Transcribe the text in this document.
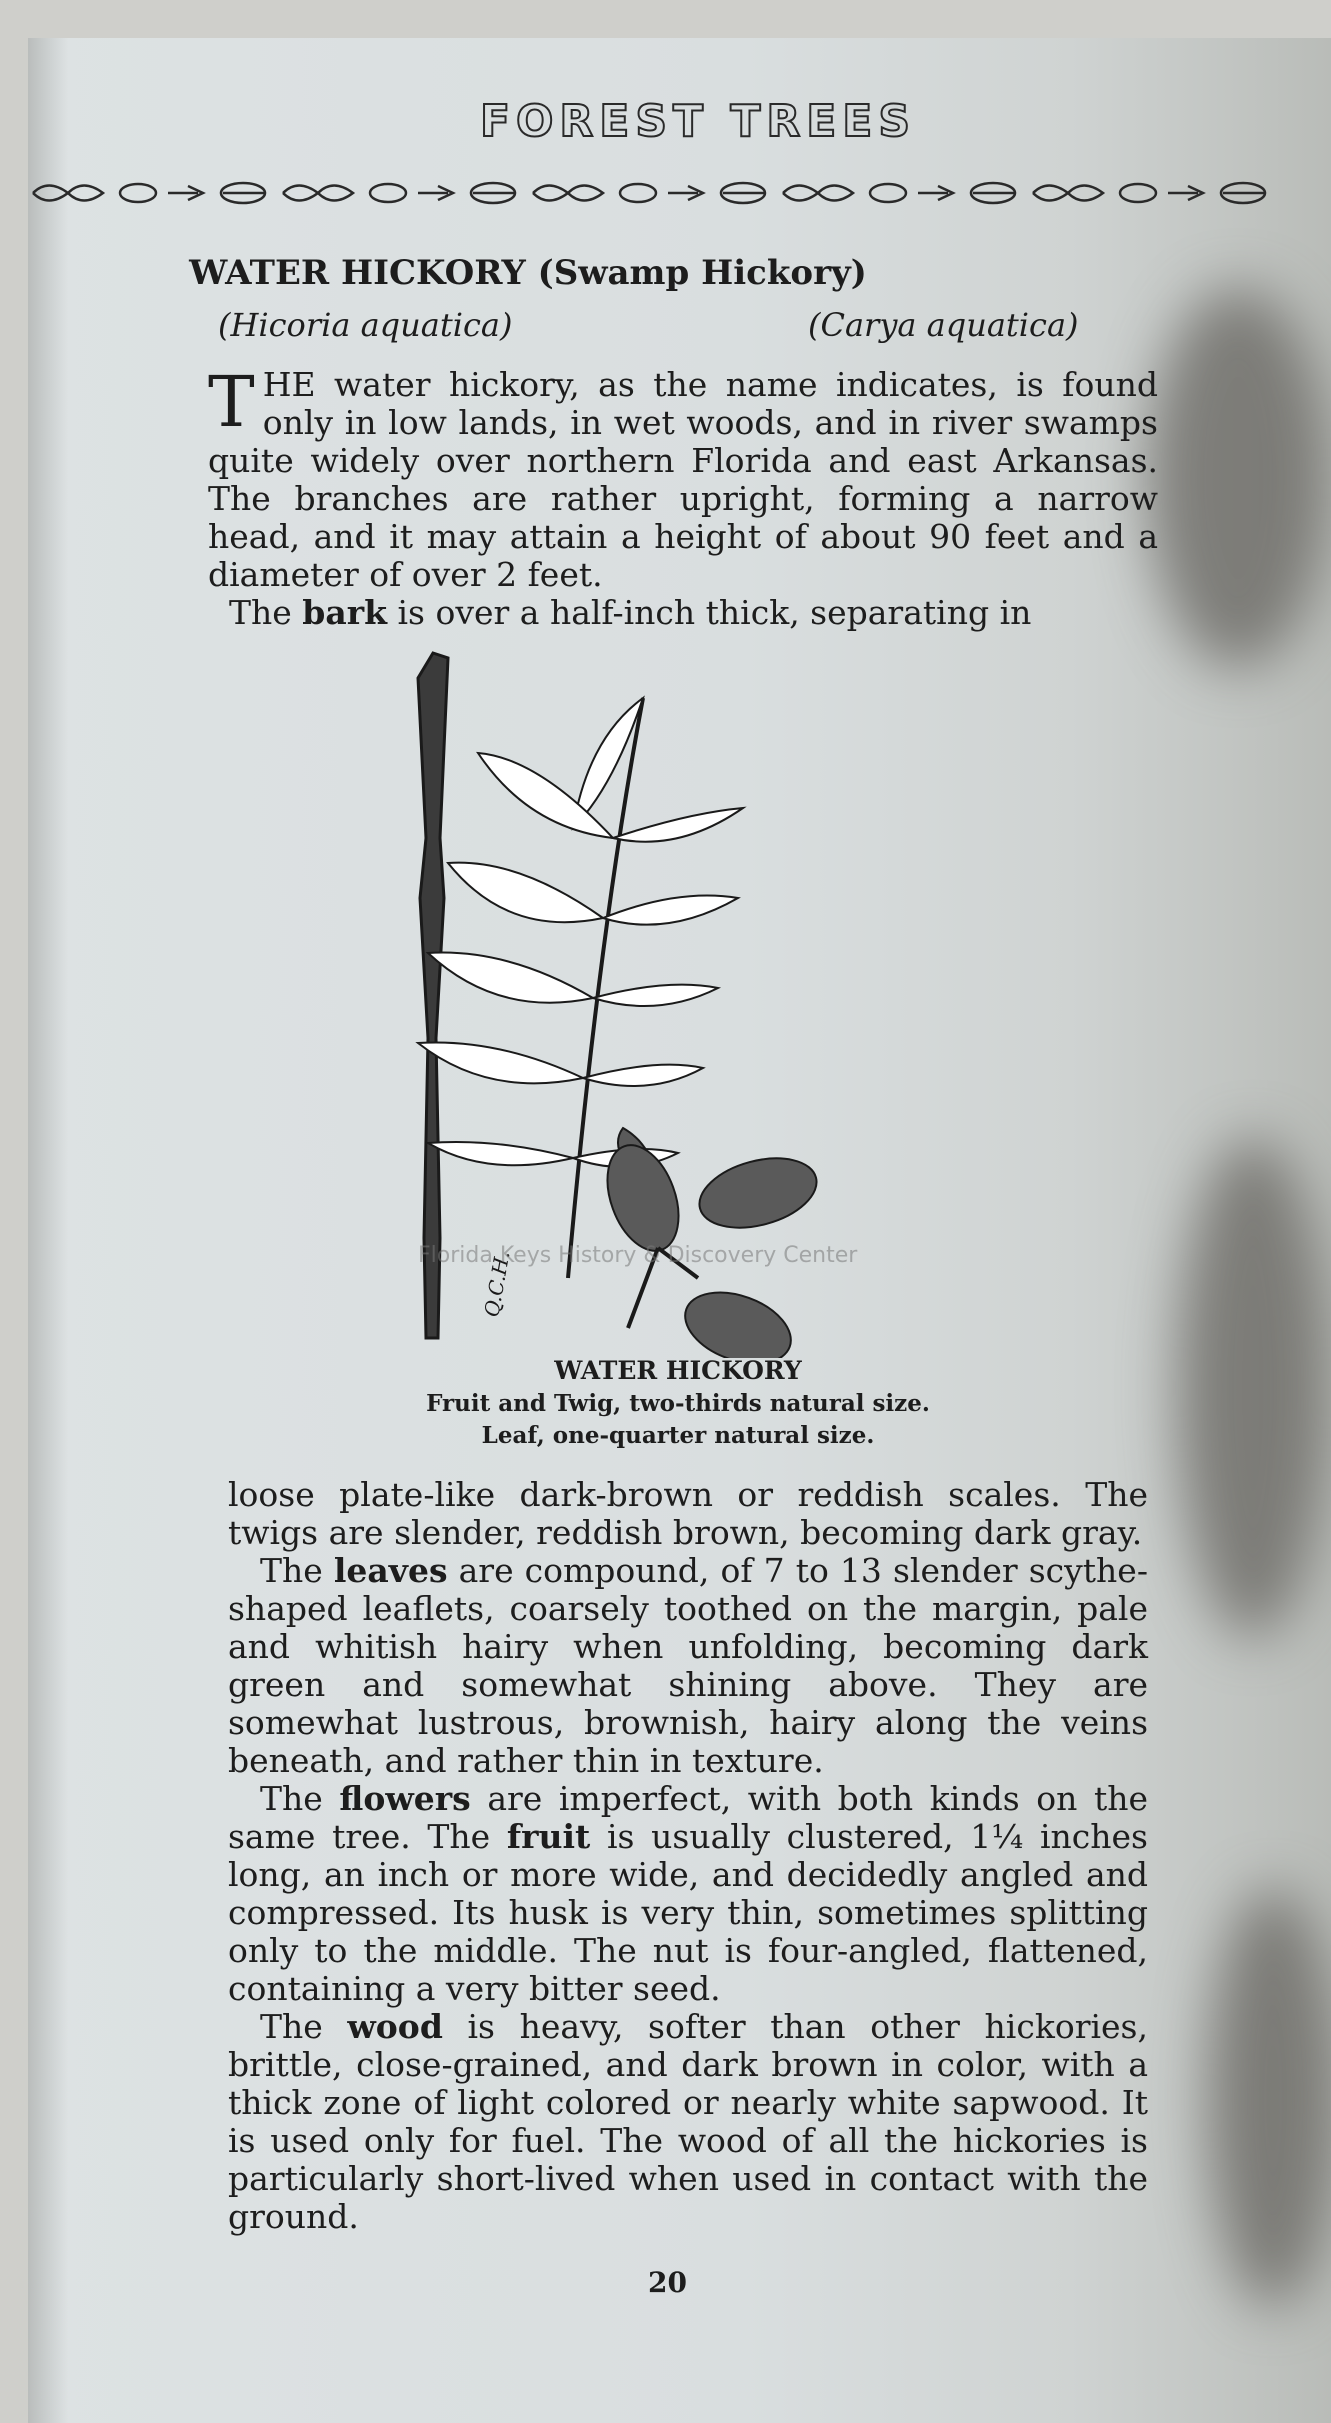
FOREST TREES
WATER HICKORY (Swamp Hickory)
(Hicoria aquatica)	(Carya aquatica)

THE water hickory, as the name indicates, is found only in low lands, in wet woods, and in river swamps quite widely over northern Florida and east Arkansas. The branches are rather upright, forming a narrow head, and it may attain a height of about 90 feet and a diameter of over 2 feet.
The bark is over a half-inch thick, separating in

Q.C.H.
Florida Keys History & Discovery Center
WATER HICKORY
Fruit and Twig, two-thirds natural size.
Leaf, one-quarter natural size.

loose plate-like dark-brown or reddish scales. The twigs are slender, reddish brown, becoming dark gray.

The leaves are compound, of 7 to 13 slender scythe-shaped leaflets, coarsely toothed on the margin, pale and whitish hairy when unfolding, becoming dark green and somewhat shining above. They are somewhat lustrous, brownish, hairy along the veins beneath, and rather thin in texture.

The flowers are imperfect, with both kinds on the same tree. The fruit is usually clustered, 1¼ inches long, an inch or more wide, and decidedly angled and compressed. Its husk is very thin, sometimes splitting only to the middle. The nut is four-angled, flattened, containing a very bitter seed.

The wood is heavy, softer than other hickories, brittle, close-grained, and dark brown in color, with a thick zone of light colored or nearly white sapwood. It is used only for fuel. The wood of all the hickories is particularly short-lived when used in contact with the ground.

20
